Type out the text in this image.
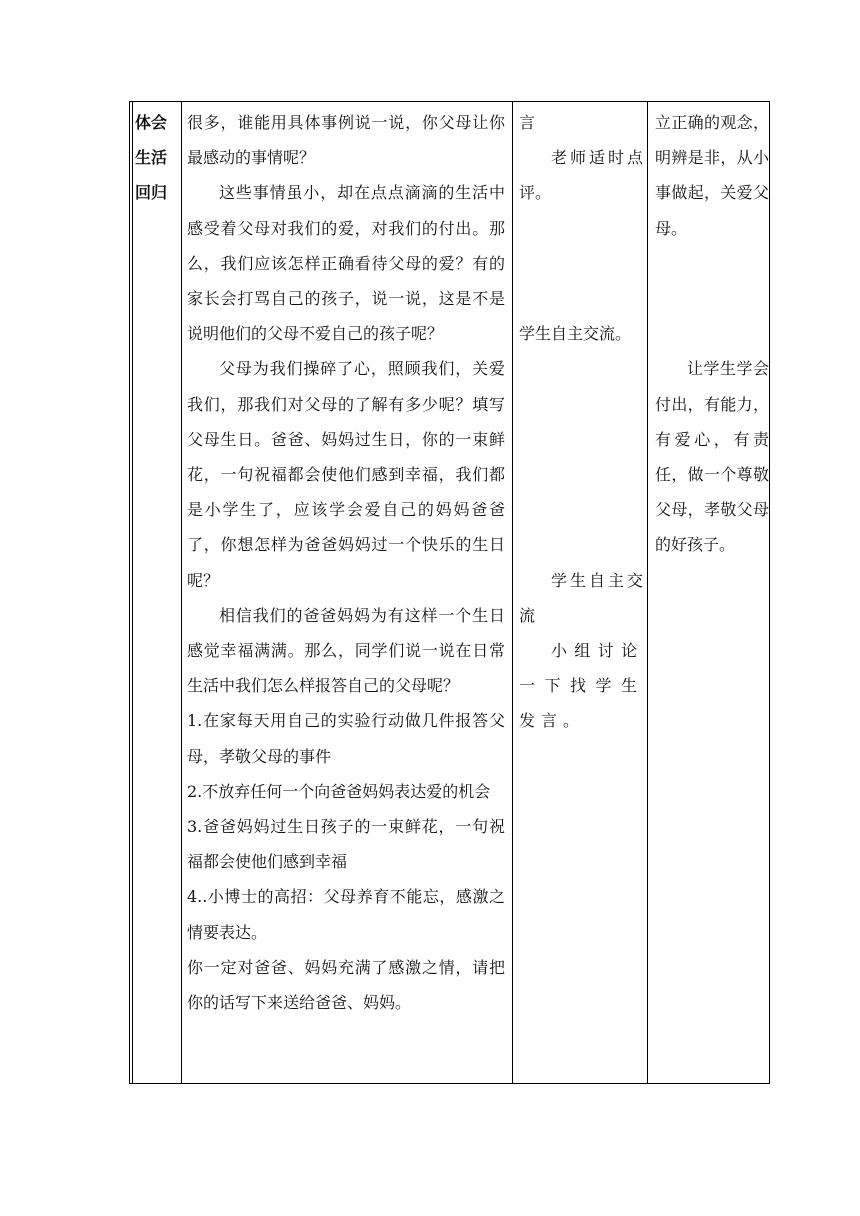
体会
生活
回归

很多，谁能用具体事例说一说，你父母让你最感动的事情呢？

这些事情虽小，却在点点滴滴的生活中感受着父母对我们的爱，对我们的付出。那么，我们应该怎样正确看待父母的爱？有的家长会打骂自己的孩子，说一说，这是不是说明他们的父母不爱自己的孩子呢？

父母为我们操碎了心，照顾我们，关爱我们，那我们对父母的了解有多少呢？填写父母生日。爸爸、妈妈过生日，你的一束鲜花，一句祝福都会使他们感到幸福，我们都是小学生了，应该学会爱自己的妈妈爸爸了，你想怎样为爸爸妈妈过一个快乐的生日呢？

相信我们的爸爸妈妈为有这样一个生日感觉幸福满满。那么，同学们说一说在日常生活中我们怎么样报答自己的父母呢？

1.在家每天用自己的实验行动做几件报答父母，孝敬父母的事件

2.不放弃任何一个向爸爸妈妈表达爱的机会

3.爸爸妈妈过生日孩子的一束鲜花，一句祝福都会使他们感到幸福

4..小博士的高招：父母养育不能忘，感激之情要表达。

你一定对爸爸、妈妈充满了感激之情，请把你的话写下来送给爸爸、妈妈。

言

老师适时点评。

学生自主交流。

学生自主交流

小组讨论一下找学生发言。

立正确的观念，明辨是非，从小事做起，关爱父母。

让学生学会付出，有能力，有爱心，有责任，做一个尊敬父母，孝敬父母的好孩子。
